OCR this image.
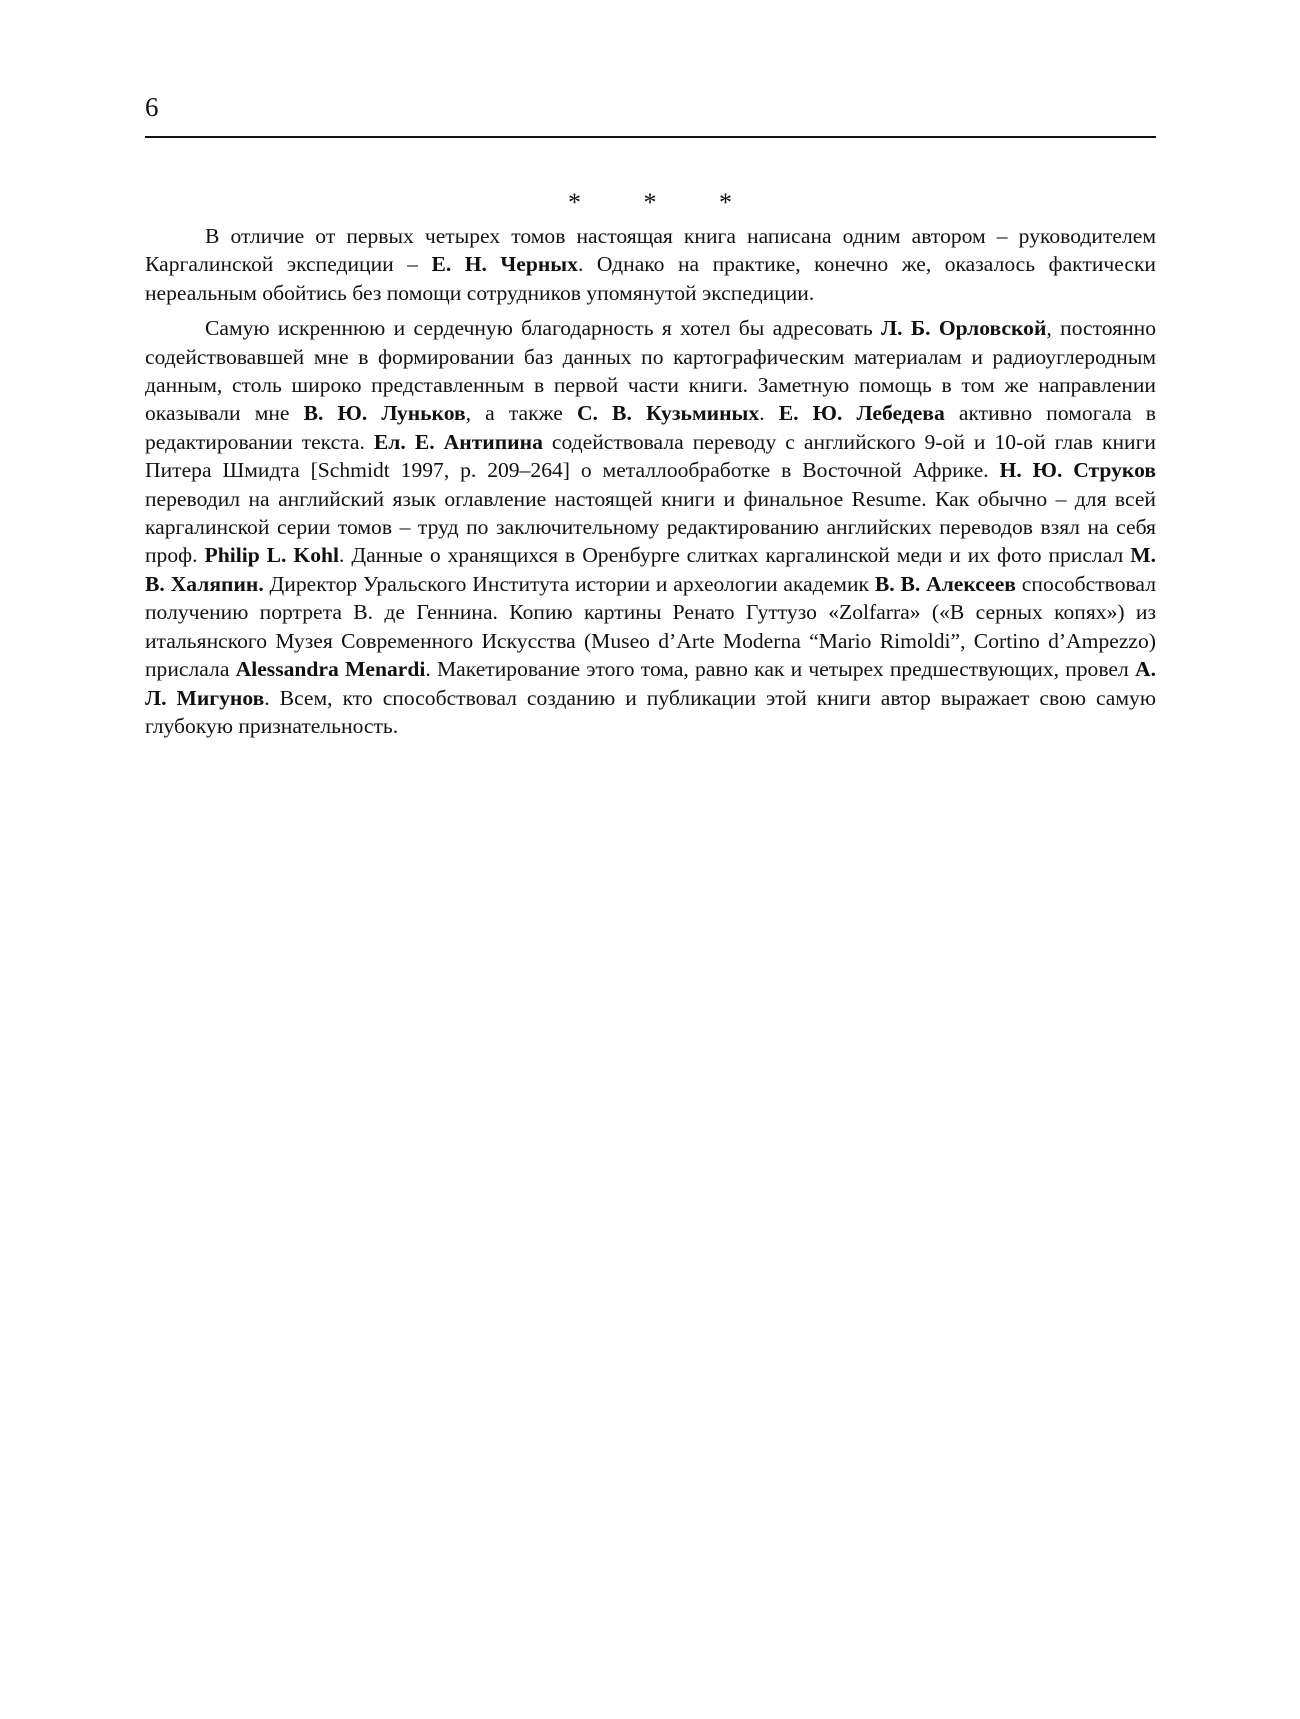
6
* * *

В отличие от первых четырех томов настоящая книга написана одним автором – руководителем Каргалинской экспедиции – Е. Н. Черных. Однако на практике, конечно же, оказалось фактически нереальным обойтись без помощи сотрудников упомянутой экспедиции.

Самую искреннюю и сердечную благодарность я хотел бы адресовать Л. Б. Орловской, постоянно содействовавшей мне в формировании баз данных по картографическим материалам и радиоуглеродным данным, столь широко представленным в первой части книги. Заметную помощь в том же направлении оказывали мне В. Ю. Луньков, а также С. В. Кузьминых. Е. Ю. Лебедева активно помогала в редактировании текста. Ел. Е. Антипина содействовала переводу с английского 9-ой и 10-ой глав книги Питера Шмидта [Schmidt 1997, p. 209–264] о металлообработке в Восточной Африке. Н. Ю. Струков переводил на английский язык оглавление настоящей книги и финальное Resume. Как обычно – для всей каргалинской серии томов – труд по заключительному редактированию английских переводов взял на себя проф. Philip L. Kohl. Данные о хранящихся в Оренбурге слитках каргалинской меди и их фото прислал М. В. Халяпин. Директор Уральского Института истории и археологии академик В. В. Алексеев способствовал получению портрета В. де Геннина. Копию картины Ренато Гуттузо «Zolfarra» («В серных копях») из итальянского Музея Современного Искусства (Museo d’Arte Moderna “Mario Rimoldi”, Cortino d’Ampezzo) прислала Alessandra Menardi. Макетирование этого тома, равно как и четырех предшествующих, провел А. Л. Мигунов. Всем, кто способствовал созданию и публикации этой книги автор выражает свою самую глубокую признательность.
